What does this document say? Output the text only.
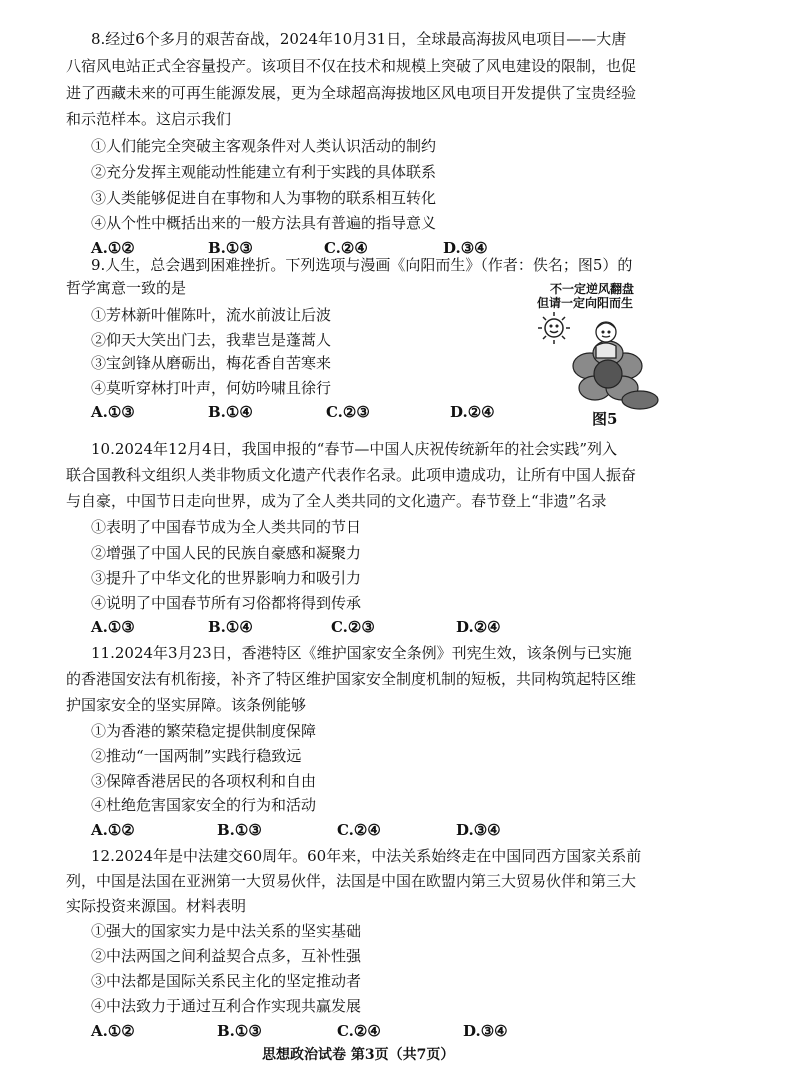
8.经过6个多月的艰苦奋战，2024年10月31日，全球最高海拔风电项目——大唐
八宿风电站正式全容量投产。该项目不仅在技术和规模上突破了风电建设的限制，也促
进了西藏未来的可再生能源发展，更为全球超高海拔地区风电项目开发提供了宝贵经验
和示范样本。这启示我们
①人们能完全突破主客观条件对人类认识活动的制约
②充分发挥主观能动性能建立有利于实践的具体联系
③人类能够促进自在事物和人为事物的联系相互转化
④从个性中概括出来的一般方法具有普遍的指导意义
A.①②	B.①③	C.②④	D.③④
9.人生，总会遇到困难挫折。下列选项与漫画《向阳而生》（作者：佚名；图5）的
哲学寓意一致的是
①芳林新叶催陈叶，流水前波让后波
②仰天大笑出门去，我辈岂是蓬蒿人
③宝剑锋从磨砺出，梅花香自苦寒来
④莫听穿林打叶声，何妨吟啸且徐行
A.①③	B.①④	C.②③	D.②④
不一定逆风翻盘
但请一定向阳而生
图5
10.2024年12月4日，我国申报的“春节—中国人庆祝传统新年的社会实践”列入
联合国教科文组织人类非物质文化遗产代表作名录。此项申遗成功，让所有中国人振奋
与自豪，中国节日走向世界，成为了全人类共同的文化遗产。春节登上“非遗”名录
①表明了中国春节成为全人类共同的节日
②增强了中国人民的民族自豪感和凝聚力
③提升了中华文化的世界影响力和吸引力
④说明了中国春节所有习俗都将得到传承
A.①③	B.①④	C.②③	D.②④
11.2024年3月23日，香港特区《维护国家安全条例》刊宪生效，该条例与已实施
的香港国安法有机衔接，补齐了特区维护国家安全制度机制的短板，共同构筑起特区维
护国家安全的坚实屏障。该条例能够
①为香港的繁荣稳定提供制度保障
②推动“一国两制”实践行稳致远
③保障香港居民的各项权利和自由
④杜绝危害国家安全的行为和活动
A.①②	B.①③	C.②④	D.③④
12.2024年是中法建交60周年。60年来，中法关系始终走在中国同西方国家关系前
列，中国是法国在亚洲第一大贸易伙伴，法国是中国在欧盟内第三大贸易伙伴和第三大
实际投资来源国。材料表明
①强大的国家实力是中法关系的坚实基础
②中法两国之间利益契合点多，互补性强
③中法都是国际关系民主化的坚定推动者
④中法致力于通过互利合作实现共赢发展
A.①②	B.①③	C.②④	D.③④
思想政治试卷 第3页（共7页）
